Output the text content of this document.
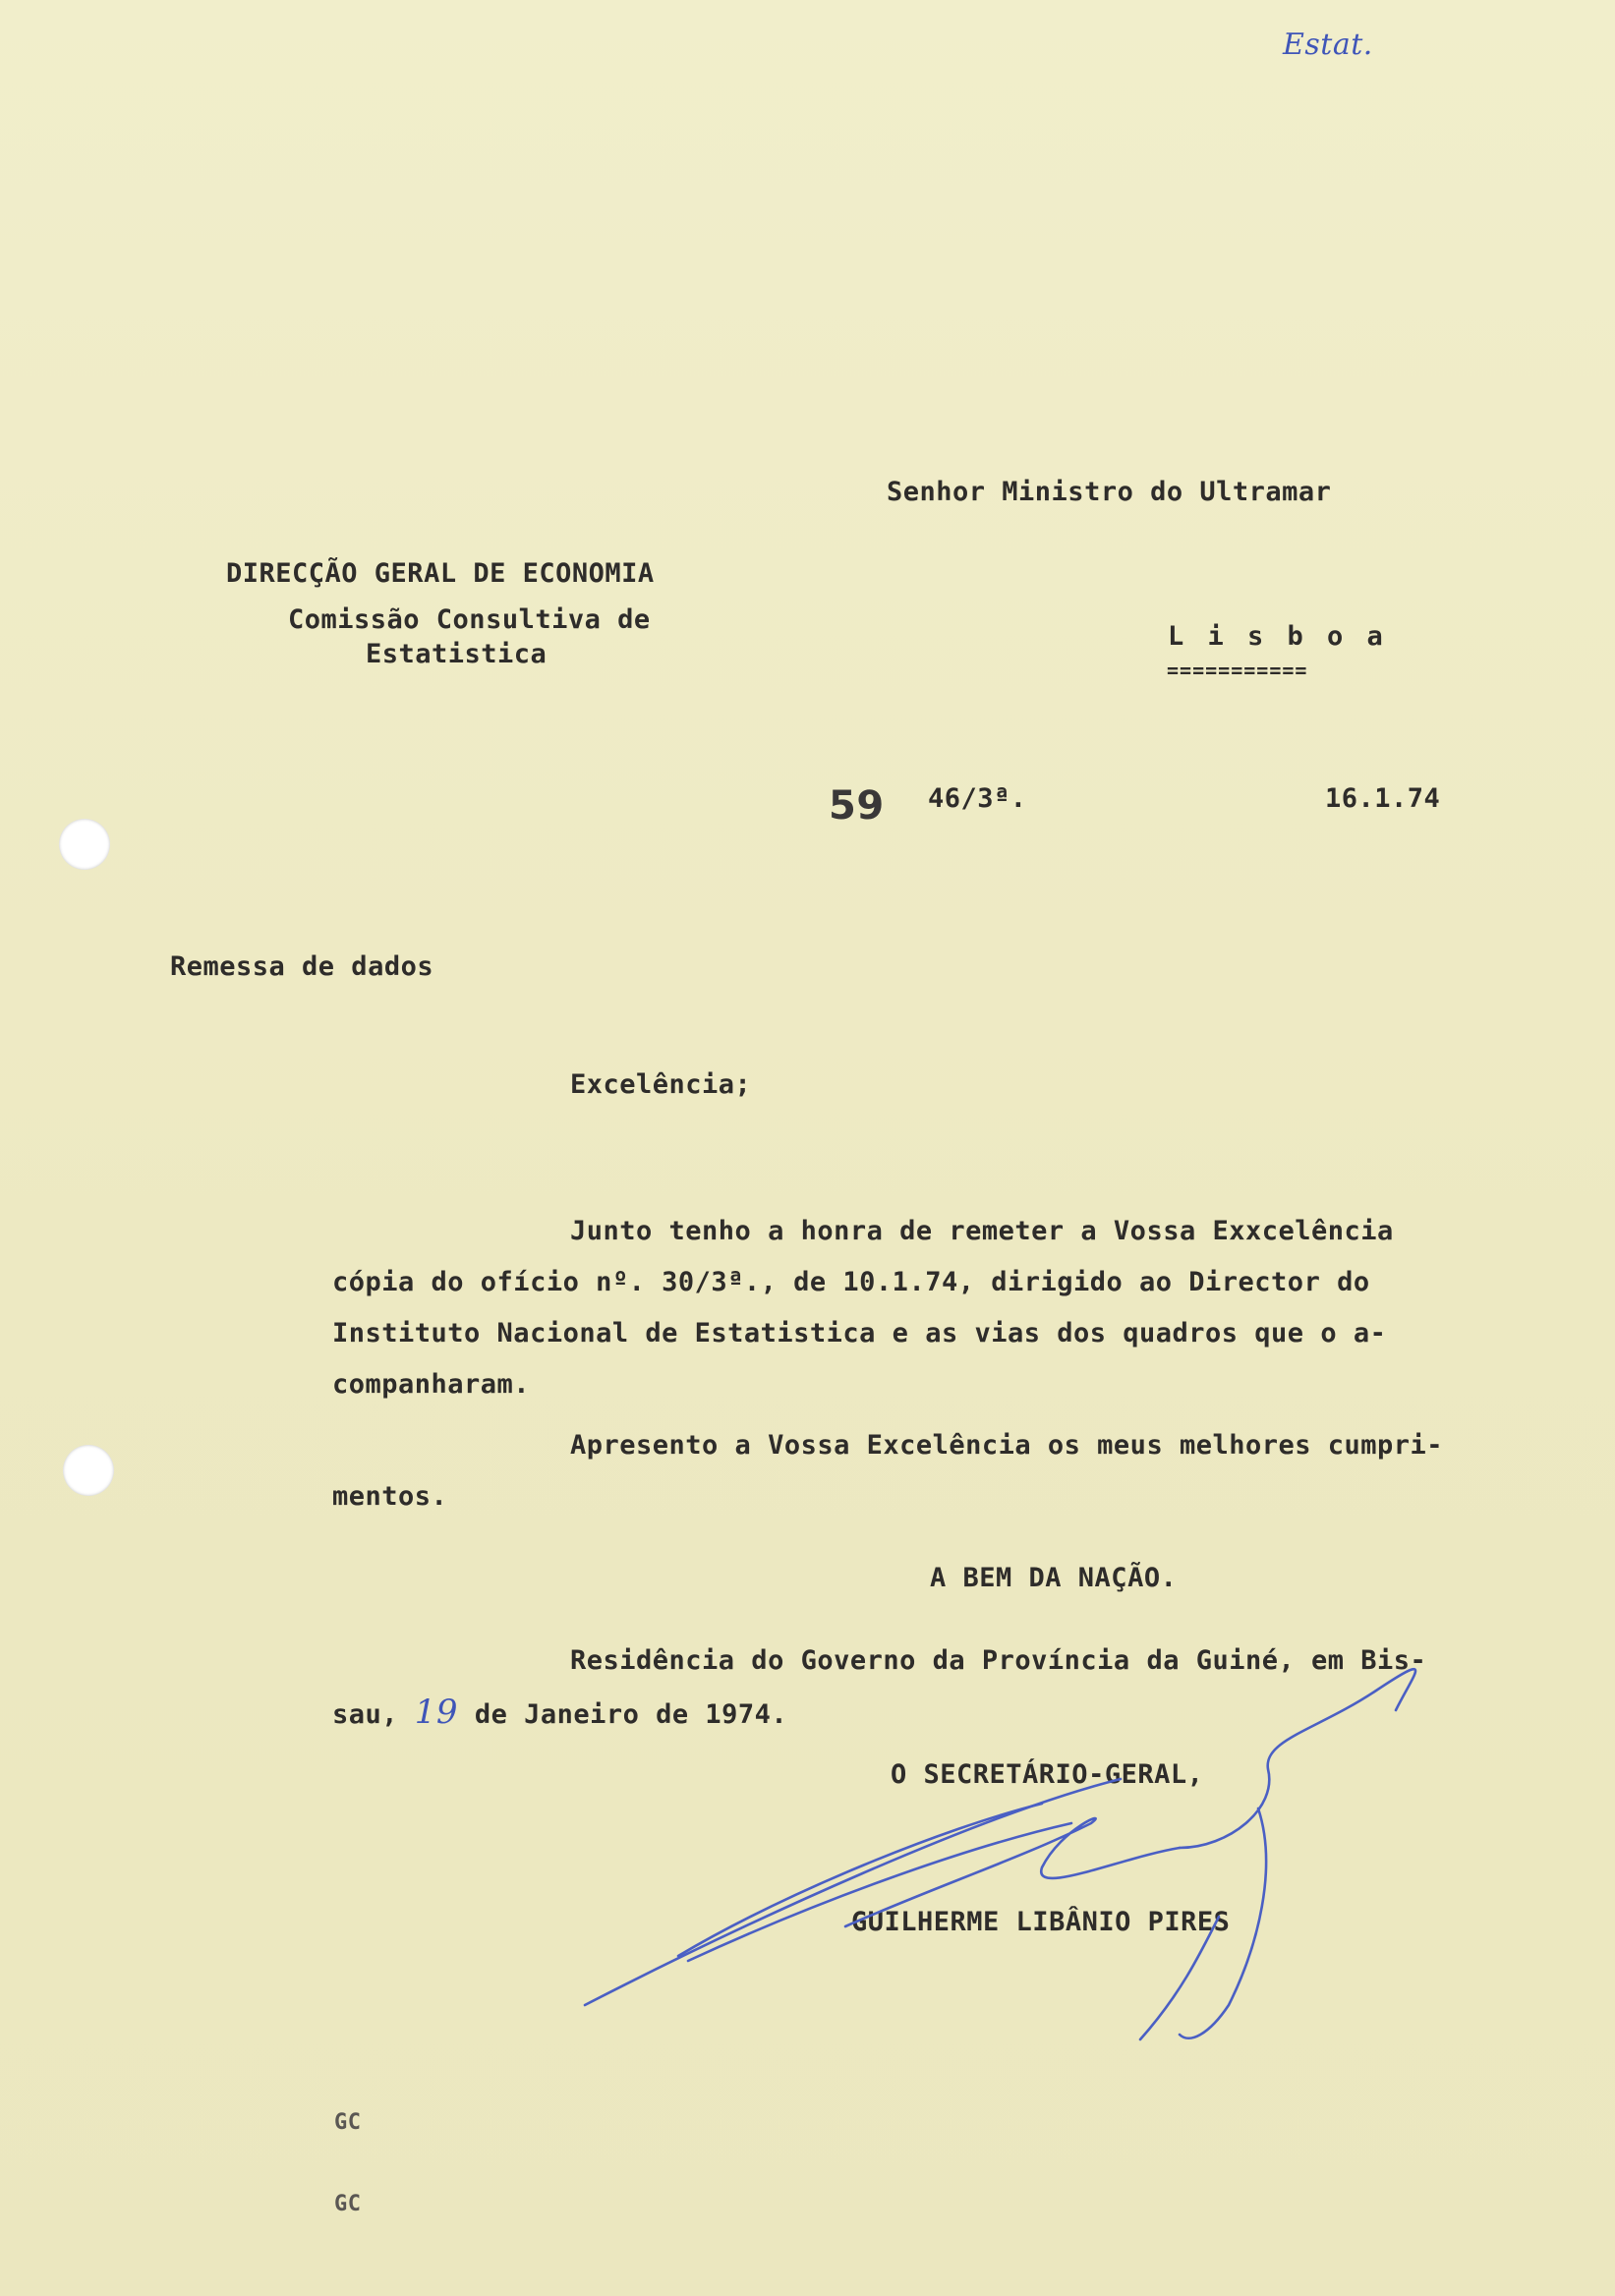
Estat.
Senhor Ministro do Ultramar
DIRECÇÃO GERAL DE ECONOMIA
Comissão Consultiva de
Estatistica
L i s b o a
===========
59 46/3ª.	16.1.74
Remessa de dados
Excelência;
Junto tenho a honra de remeter a Vossa Exxcelência
cópia do ofício nº. 30/3ª., de 10.1.74, dirigido ao Director do
Instituto Nacional de Estatistica e as vias dos quadros que o a-
companharam.
Apresento a Vossa Excelência os meus melhores cumpri-
mentos.
A BEM DA NAÇÃO.
Residência do Governo da Província da Guiné, em Bis-
sau, 19 de Janeiro de 1974.
O SECRETÁRIO-GERAL,
GUILHERME LIBÂNIO PIRES
GC
GC
